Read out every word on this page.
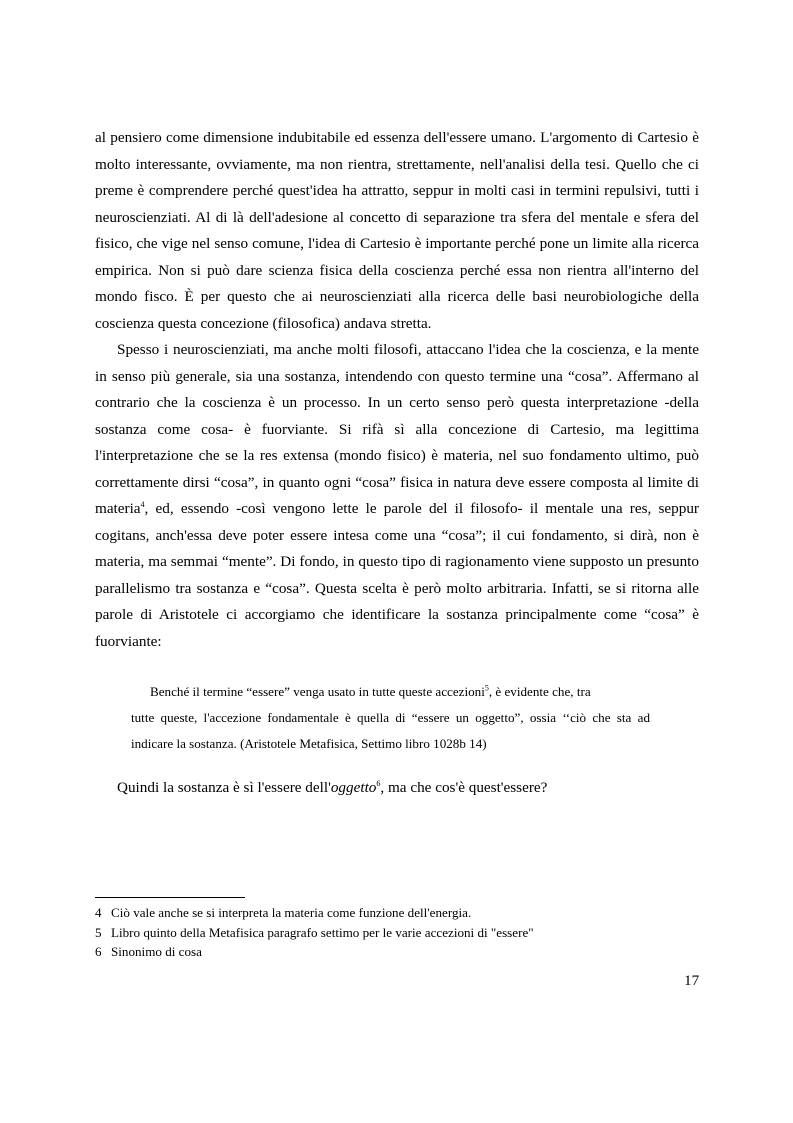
al pensiero come dimensione indubitabile ed essenza dell'essere umano. L'argomento di Cartesio è molto interessante, ovviamente, ma non rientra, strettamente, nell'analisi della tesi. Quello che ci preme è comprendere perché quest'idea ha attratto, seppur in molti casi in termini repulsivi, tutti i neuroscienziati. Al di là dell'adesione al concetto di separazione tra sfera del mentale e sfera del fisico, che vige nel senso comune, l'idea di Cartesio è importante perché pone un limite alla ricerca empirica. Non si può dare scienza fisica della coscienza perché essa non rientra all'interno del mondo fisco. È per questo che ai neuroscienziati alla ricerca delle basi neurobiologiche della coscienza questa concezione (filosofica) andava stretta.

Spesso i neuroscienziati, ma anche molti filosofi, attaccano l'idea che la coscienza, e la mente in senso più generale, sia una sostanza, intendendo con questo termine una “cosa”. Affermano al contrario che la coscienza è un processo. In un certo senso però questa interpretazione -della sostanza come cosa- è fuorviante. Si rifà sì alla concezione di Cartesio, ma legittima l'interpretazione che se la res extensa (mondo fisico) è materia, nel suo fondamento ultimo, può correttamente dirsi “cosa”, in quanto ogni “cosa” fisica in natura deve essere composta al limite di materia$^4$, ed, essendo -così vengono lette le parole del il filosofo- il mentale una res, seppur cogitans, anch'essa deve poter essere intesa come una “cosa”; il cui fondamento, si dirà, non è materia, ma semmai “mente”. Di fondo, in questo tipo di ragionamento viene supposto un presunto parallelismo tra sostanza e “cosa”. Questa scelta è però molto arbitraria. Infatti, se si ritorna alle parole di Aristotele ci accorgiamo che identificare la sostanza principalmente come “cosa” è fuorviante:

Benché il termine “essere” venga usato in tutte queste accezioni$^5$, è evidente che, tra
tutte queste, l'accezione fondamentale è quella di “essere un oggetto”, ossia ‘‘ciò che sta ad indicare la sostanza. (Aristotele Metafisica, Settimo libro 1028b 14)

Quindi la sostanza è sì l'essere dell'oggetto$^6$, ma che cos'è quest'essere?

4 Ciò vale anche se si interpreta la materia come funzione dell'energia.
5 Libro quinto della Metafisica paragrafo settimo per le varie accezioni di "essere"
6 Sinonimo di cosa
17
